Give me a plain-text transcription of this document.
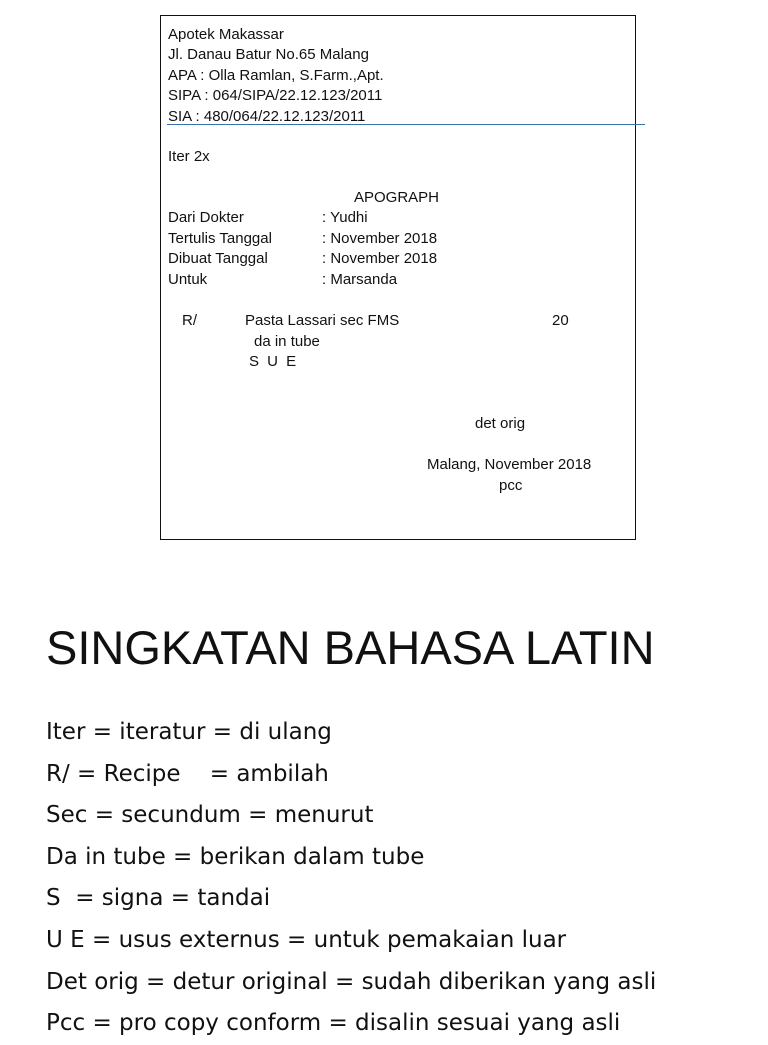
Apotek Makassar
Jl. Danau Batur No.65 Malang
APA : Olla Ramlan, S.Farm.,Apt.
SIPA : 064/SIPA/22.12.123/2011
SIA : 480/064/22.12.123/2011
Iter 2x
APOGRAPH
Dari Dokter	: Yudhi
Tertulis Tanggal	: November 2018
Dibuat Tanggal	: November 2018
Untuk	: Marsanda
R/	Pasta Lassari sec FMS	20
da in tube
S U E
det orig
Malang, November 2018
pcc
SINGKATAN BAHASA LATIN
Iter = iteratur = di ulang
R/ = Recipe    = ambilah
Sec = secundum = menurut
Da in tube = berikan dalam tube
S  = signa = tandai
U E = usus externus = untuk pemakaian luar
Det orig = detur original = sudah diberikan yang asli
Pcc = pro copy conform = disalin sesuai yang asli
